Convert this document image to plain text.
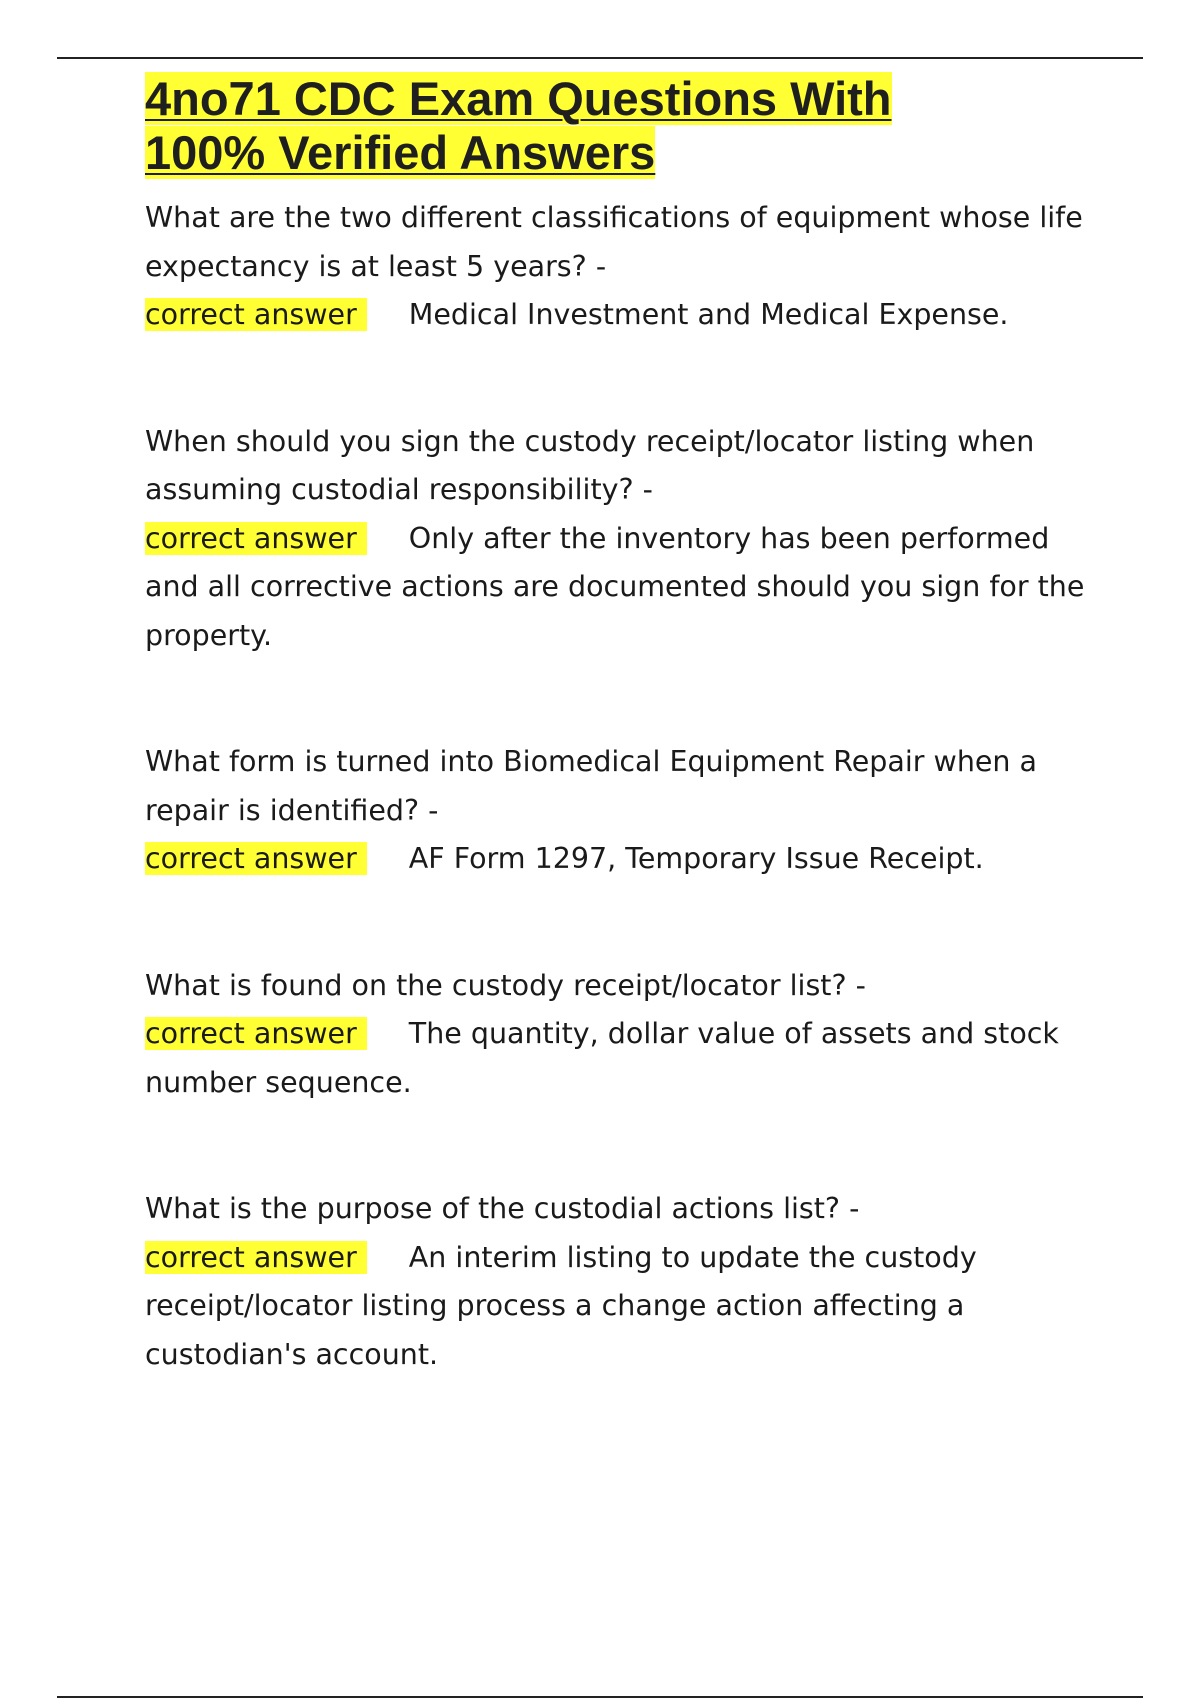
4no71 CDC Exam Questions With
100% Verified Answers

What are the two different classifications of equipment whose life expectancy is at least 5 years? -

correct answer Medical Investment and Medical Expense.

When should you sign the custody receipt/locator listing when assuming custodial responsibility? -

correct answer Only after the inventory has been performed and all corrective actions are documented should you sign for the property.

What form is turned into Biomedical Equipment Repair when a repair is identified? -

correct answer AF Form 1297, Temporary Issue Receipt.

What is found on the custody receipt/locator list? -

correct answer The quantity, dollar value of assets and stock number sequence.

What is the purpose of the custodial actions list? -

correct answer An interim listing to update the custody receipt/locator listing process a change action affecting a custodian's account.
